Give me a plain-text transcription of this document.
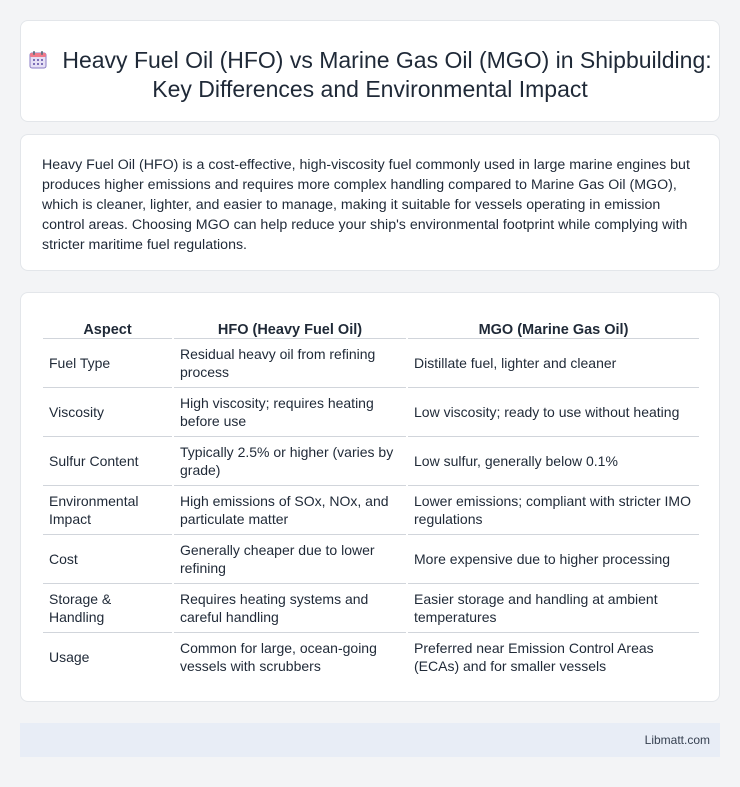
Heavy Fuel Oil (HFO) vs Marine Gas Oil (MGO) in Shipbuilding: Key Differences and Environmental Impact

Heavy Fuel Oil (HFO) is a cost-effective, high-viscosity fuel commonly used in large marine engines but produces higher emissions and requires more complex handling compared to Marine Gas Oil (MGO), which is cleaner, lighter, and easier to manage, making it suitable for vessels operating in emission control areas. Choosing MGO can help reduce your ship's environmental footprint while complying with stricter maritime fuel regulations.

Aspect	HFO (Heavy Fuel Oil)	MGO (Marine Gas Oil)
Fuel Type	Residual heavy oil from refining process	Distillate fuel, lighter and cleaner
Viscosity	High viscosity; requires heating before use	Low viscosity; ready to use without heating
Sulfur Content	Typically 2.5% or higher (varies by grade)	Low sulfur, generally below 0.1%
Environmental Impact	High emissions of SOx, NOx, and particulate matter	Lower emissions; compliant with stricter IMO regulations
Cost	Generally cheaper due to lower refining	More expensive due to higher processing
Storage & Handling	Requires heating systems and careful handling	Easier storage and handling at ambient temperatures
Usage	Common for large, ocean-going vessels with scrubbers	Preferred near Emission Control Areas (ECAs) and for smaller vessels
Libmatt.com
